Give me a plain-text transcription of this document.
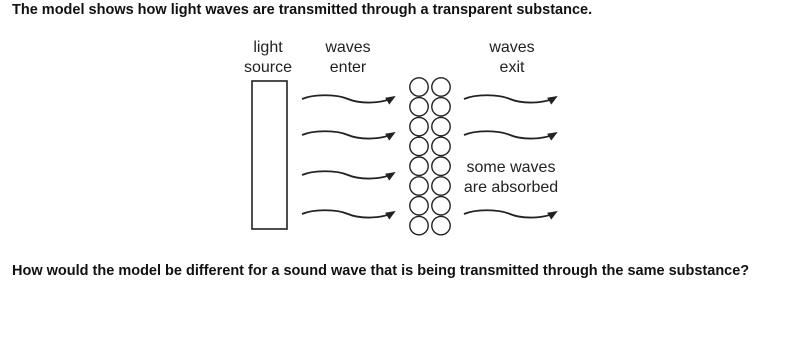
The model shows how light waves are transmitted through a transparent substance.
light
source
waves
enter
waves
exit
some waves
are absorbed
How would the model be different for a sound wave that is being transmitted through the same substance?
